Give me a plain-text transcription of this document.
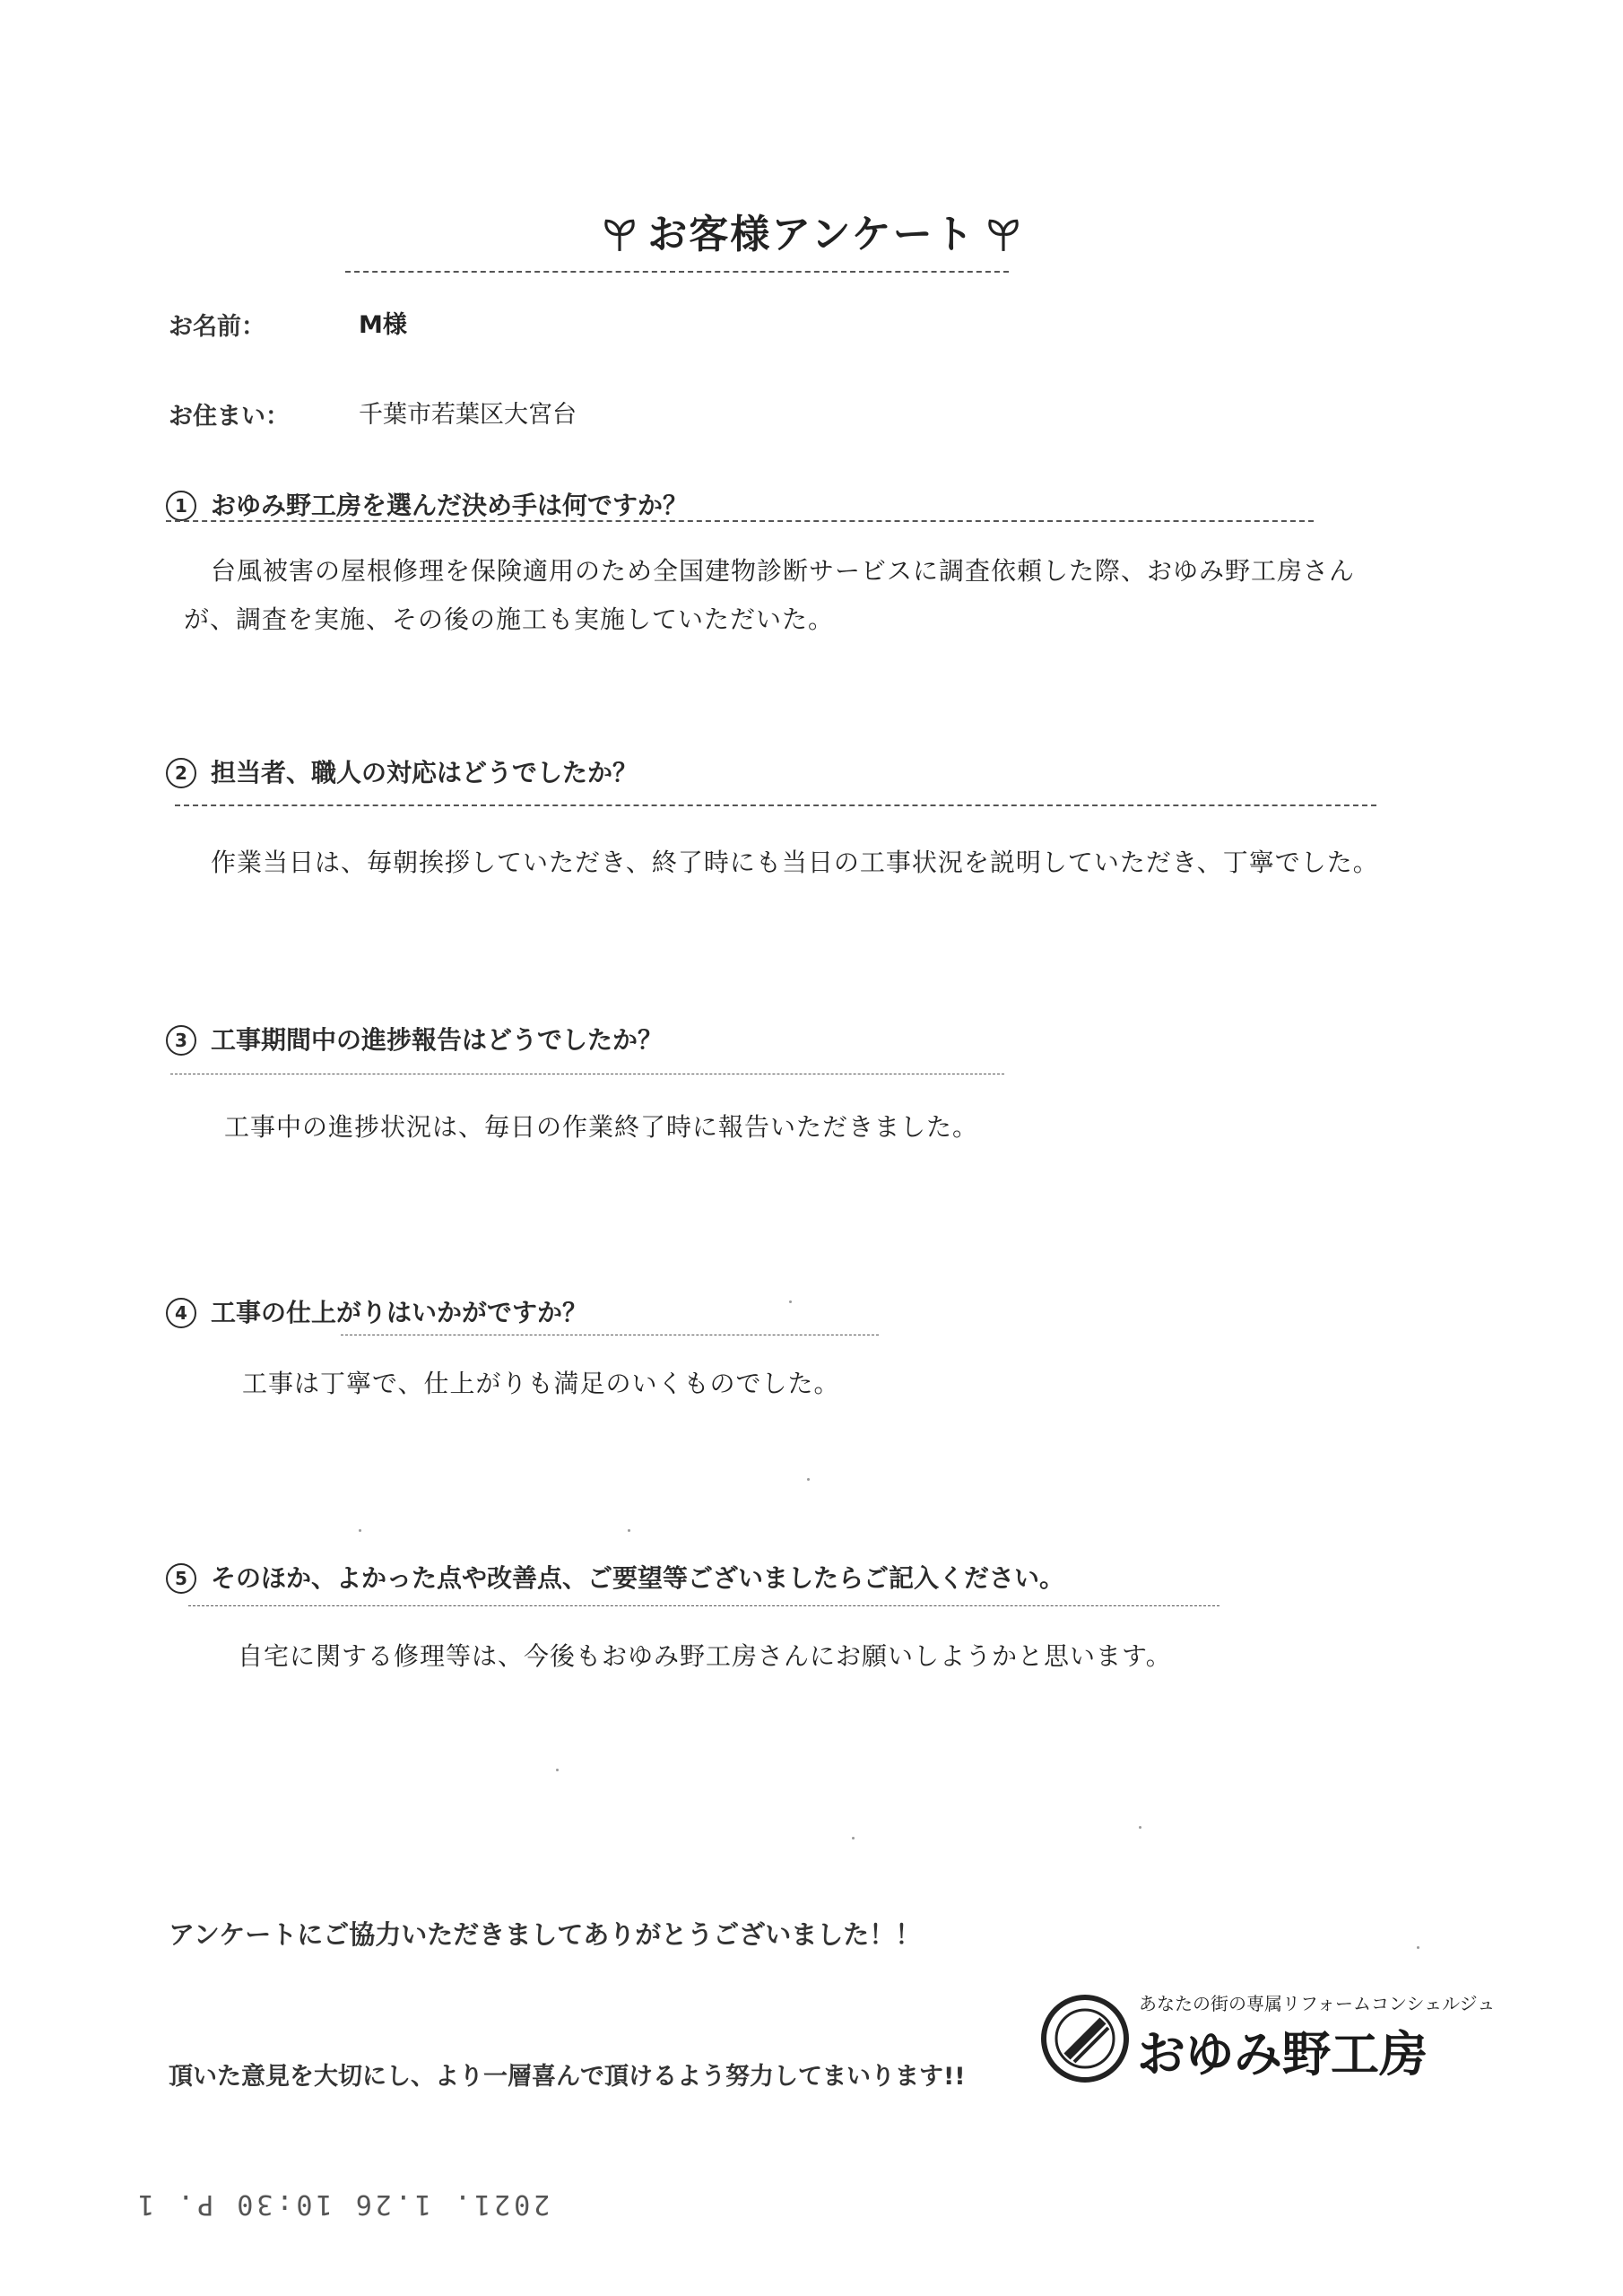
お客様アンケート
お名前：	M様
お住まい：	千葉市若葉区大宮台
1 おゆみ野工房を選んだ決め手は何ですか？
台風被害の屋根修理を保険適用のため全国建物診断サービスに調査依頼した際、おゆみ野工房さんが、調査を実施、その後の施工も実施していただいた。
2 担当者、職人の対応はどうでしたか？
作業当日は、毎朝挨拶していただき、終了時にも当日の工事状況を説明していただき、丁寧でした。
3 工事期間中の進捗報告はどうでしたか？
工事中の進捗状況は、毎日の作業終了時に報告いただきました。
4 工事の仕上がりはいかがですか？
工事は丁寧で、仕上がりも満足のいくものでした。
5 そのほか、よかった点や改善点、ご要望等ございましたらご記入ください。
自宅に関する修理等は、今後もおゆみ野工房さんにお願いしようかと思います。
アンケートにご協力いただきましてありがとうございました！！
頂いた意見を大切にし、より一層喜んで頂けるよう努力してまいります!!
あなたの街の専属リフォームコンシェルジュ
おゆみ野工房
2021. 1.26 10:30 P. 1
